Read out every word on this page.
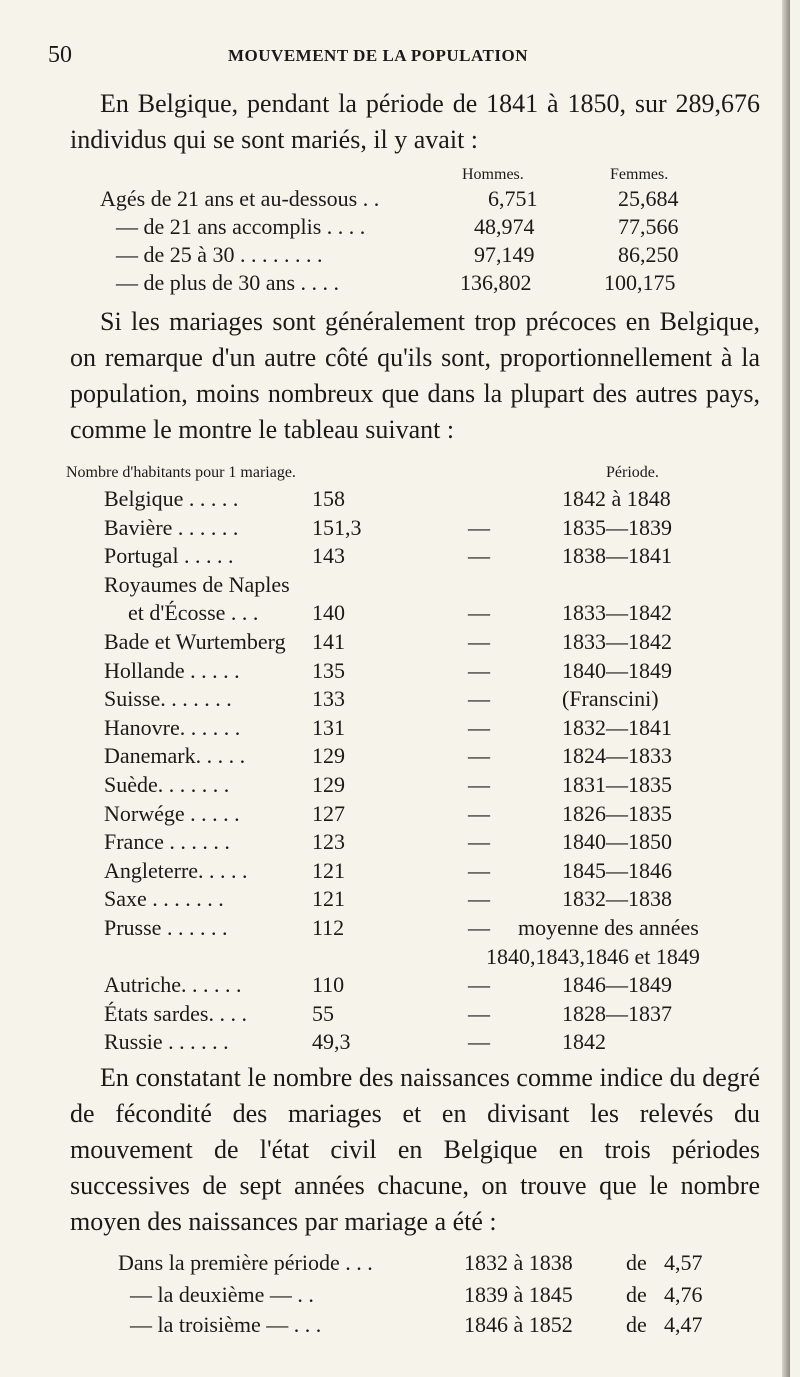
50	MOUVEMENT DE LA POPULATION
En Belgique, pendant la période de 1841 à 1850, sur 289,676 individus qui se sont mariés, il y avait :
Hommes.	Femmes.
Agés de 21 ans et au-dessous . .	6,751	25,684
— de 21 ans accomplis . . . .	48,974	77,566
— de 25 à 30 . . . . . . . .	97,149	86,250
— de plus de 30 ans . . . .	136,802	100,175
Si les mariages sont généralement trop précoces en Belgique, on remarque d'un autre côté qu'ils sont, proportionnellement à la population, moins nombreux que dans la plupart des autres pays, comme le montre le tableau suivant :
Nombre d'habitants pour 1 mariage.	Période.
Belgique . . . . .	158	1842 à 1848
Bavière . . . . . .	151,3	—	1835—1839
Portugal . . . . .	143	—	1838—1841
Royaumes de Naples
et d'Écosse . . . 140	—	1833—1842
Bade et Wurtemberg 141	—	1833—1842
Hollande . . . . .	135	—	1840—1849
Suisse. . . . . . .	133	—	(Franscini)
Hanovre. . . . . .	131	—	1832—1841
Danemark. . . . .	129	—	1824—1833
Suède. . . . . . .	129	—	1831—1835
Norwége . . . . .	127	—	1826—1835
France . . . . . .	123	—	1840—1850
Angleterre. . . . .	121	—	1845—1846
Saxe . . . . . . .	121	—	1832—1838
Prusse . . . . . .	112	— moyenne des années
1840,1843,1846 et 1849
Autriche. . . . . .	110	—	1846—1849
États sardes. . . .	55	—	1828—1837
Russie . . . . . .	49,3	—	1842
En constatant le nombre des naissances comme indice du degré de fécondité des mariages et en divisant les relevés du mouvement de l'état civil en Belgique en trois périodes successives de sept années chacune, on trouve que le nombre moyen des naissances par mariage a été :
Dans la première période . . .	1832 à 1838 de 4,57
— la deuxième — . .	1839 à 1845 de 4,76
— la troisième — . . .	1846 à 1852 de 4,47
